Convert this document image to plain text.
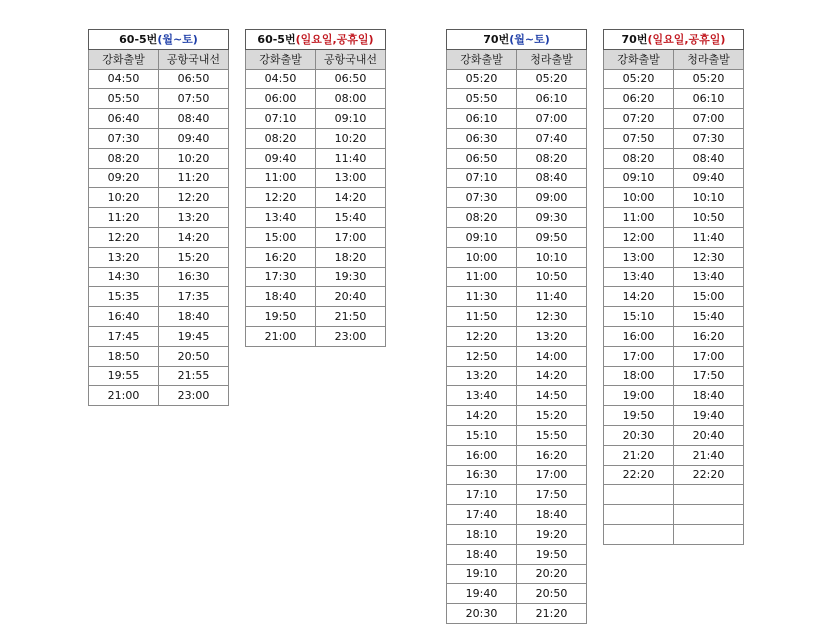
60-5번(월~토)	
강화출발	공항국내선
04:50	06:50
05:50	07:50
06:40	08:40
07:30	09:40
08:20	10:20
09:20	11:20
10:20	12:20
11:20	13:20
12:20	14:20
13:20	15:20
14:30	16:30
15:35	17:35
16:40	18:40
17:45	19:45
18:50	20:50
19:55	21:55
21:00	23:00
60-5번(일요일,공휴일)	
강화출발	공항국내선
04:50	06:50
06:00	08:00
07:10	09:10
08:20	10:20
09:40	11:40
11:00	13:00
12:20	14:20
13:40	15:40
15:00	17:00
16:20	18:20
17:30	19:30
18:40	20:40
19:50	21:50
21:00	23:00
70번(월~토)	
강화출발	청라출발
05:20	05:20
05:50	06:10
06:10	07:00
06:30	07:40
06:50	08:20
07:10	08:40
07:30	09:00
08:20	09:30
09:10	09:50
10:00	10:10
11:00	10:50
11:30	11:40
11:50	12:30
12:20	13:20
12:50	14:00
13:20	14:20
13:40	14:50
14:20	15:20
15:10	15:50
16:00	16:20
16:30	17:00
17:10	17:50
17:40	18:40
18:10	19:20
18:40	19:50
19:10	20:20
19:40	20:50
20:30	21:20
70번(일요일,공휴일)	
강화출발	청라출발
05:20	05:20
06:20	06:10
07:20	07:00
07:50	07:30
08:20	08:40
09:10	09:40
10:00	10:10
11:00	10:50
12:00	11:40
13:00	12:30
13:40	13:40
14:20	15:00
15:10	15:40
16:00	16:20
17:00	17:00
18:00	17:50
19:00	18:40
19:50	19:40
20:30	20:40
21:20	21:40
22:20	22:20
